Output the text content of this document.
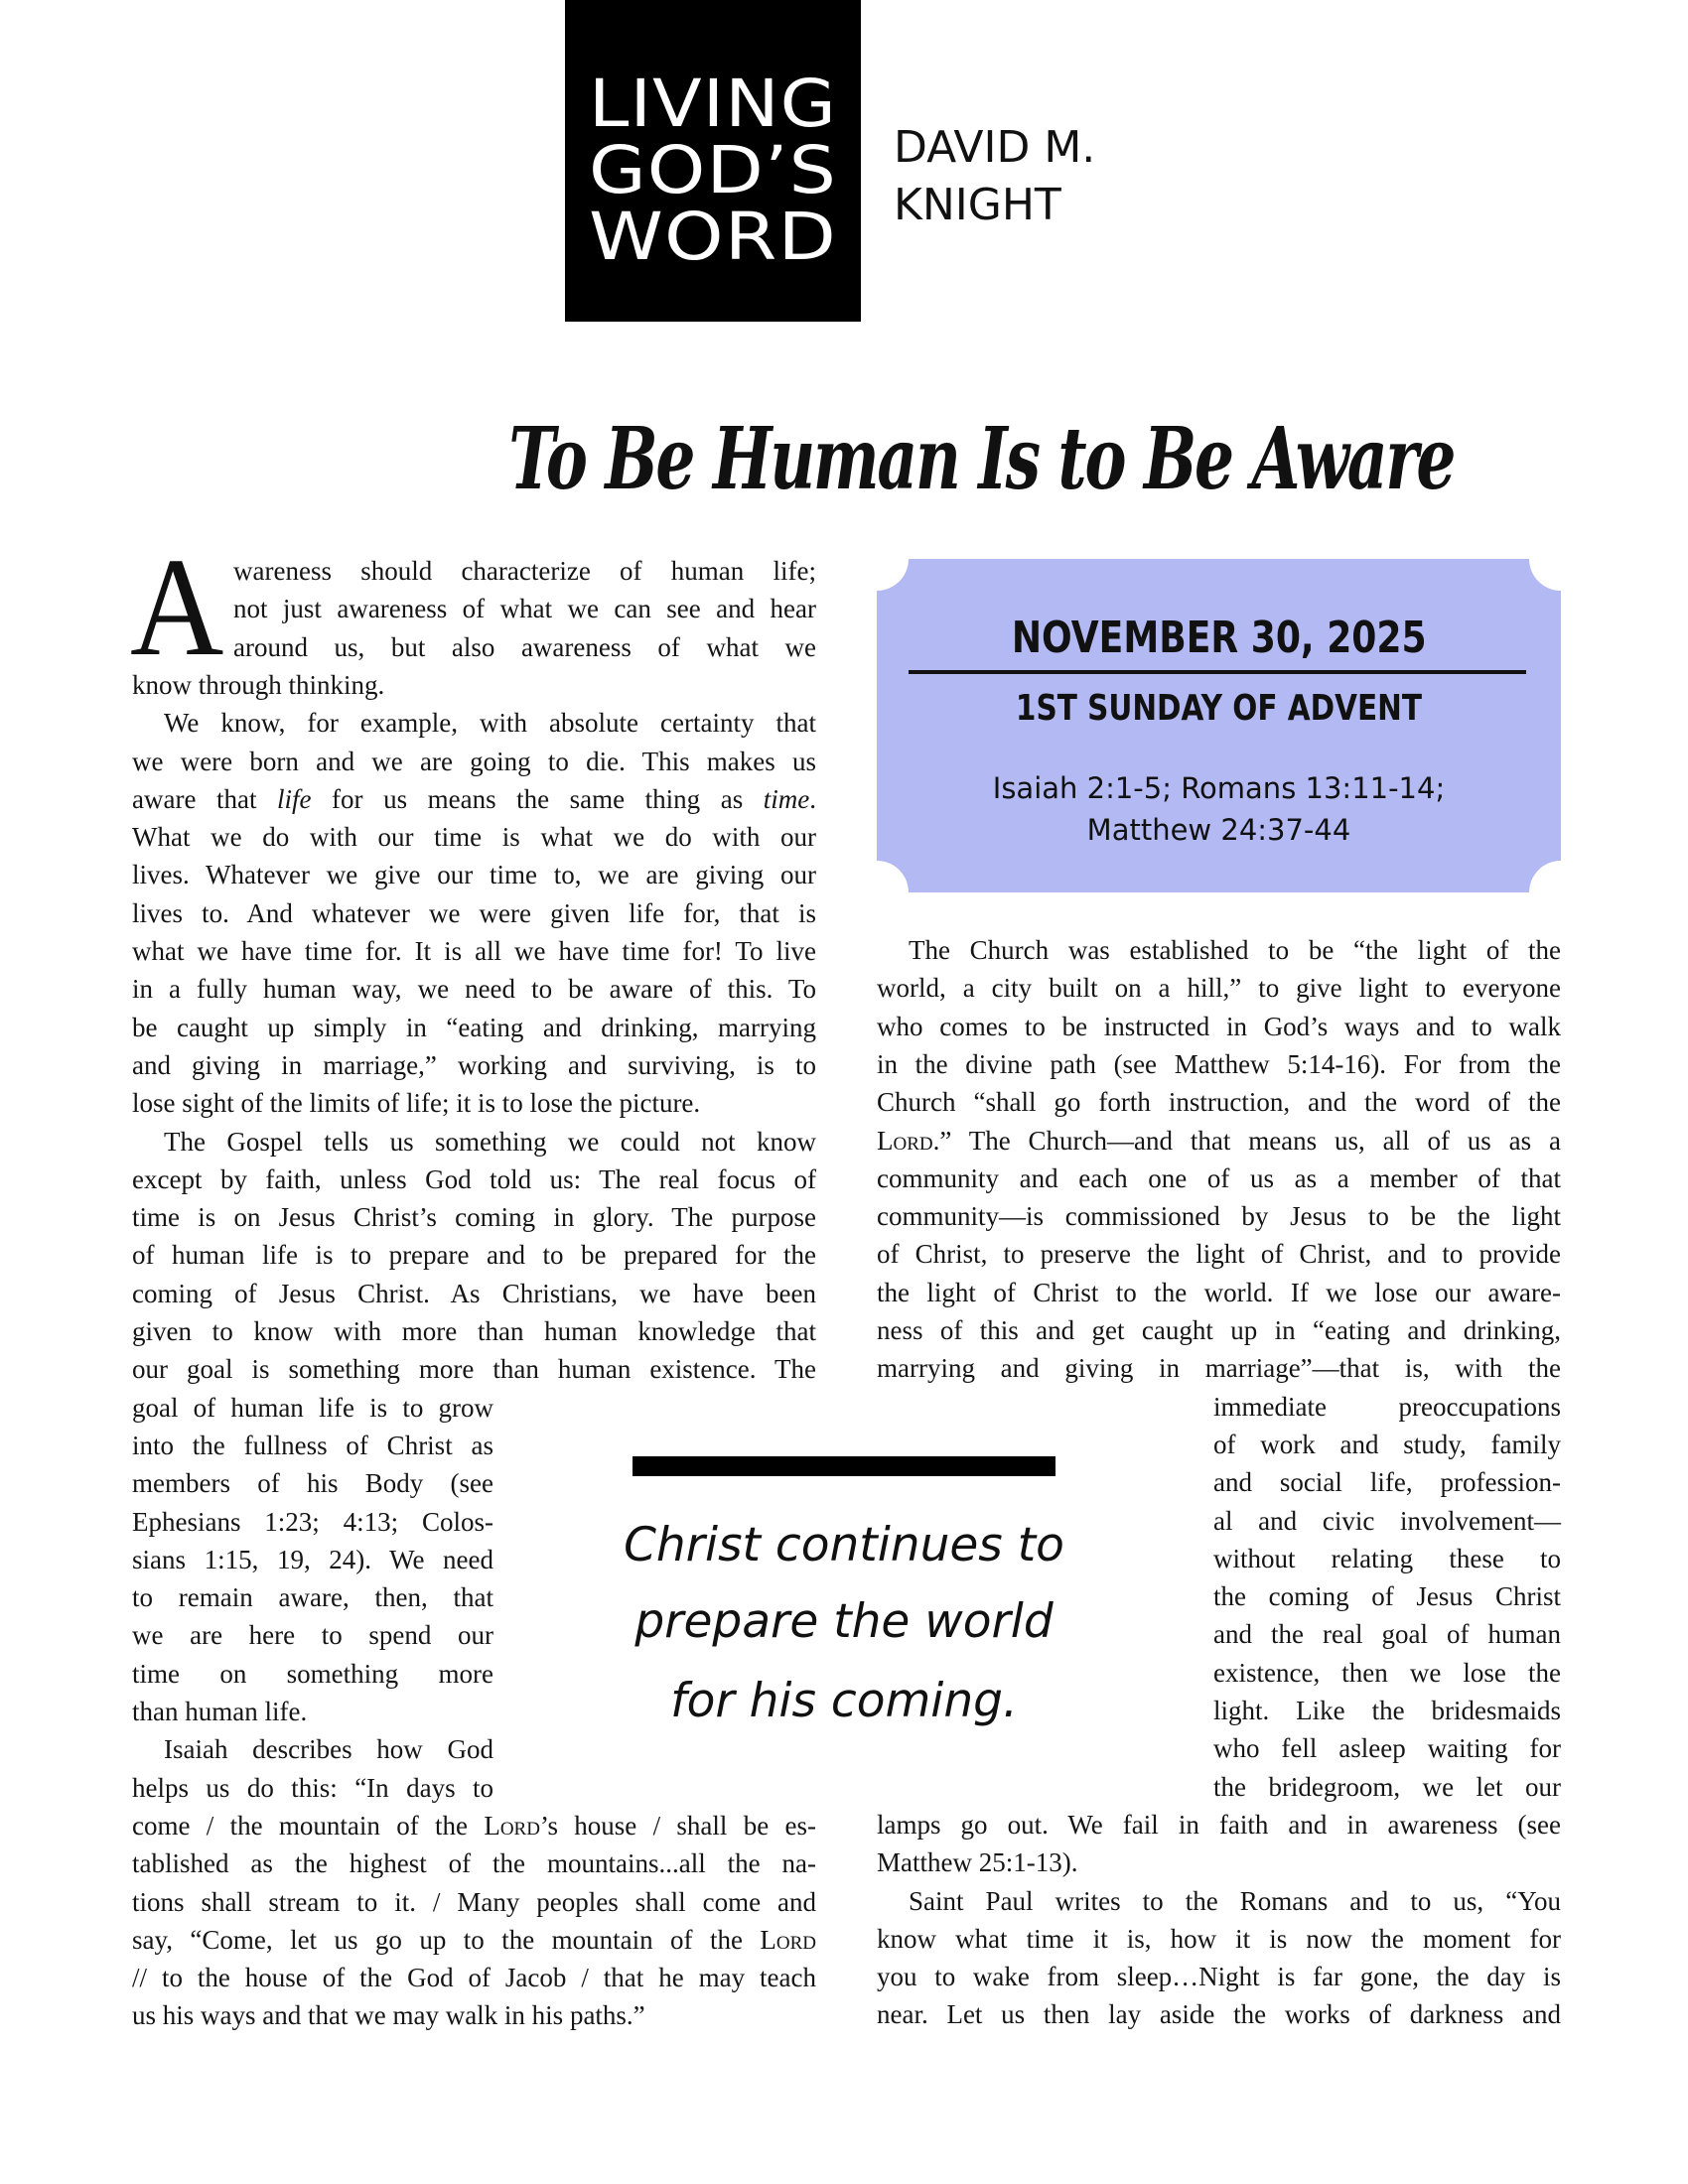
LIVING
GOD’S
WORD
DAVID M.
KNIGHT
To Be Human Is to Be Aware
A wareness should characterize of human life;
not just awareness of what we can see and hear
around us, but also awareness of what we
know through thinking.
We know, for example, with absolute certainty that
we were born and we are going to die. This makes us
aware that life for us means the same thing as time.
What we do with our time is what we do with our
lives. Whatever we give our time to, we are giving our
lives to. And whatever we were given life for, that is
what we have time for. It is all we have time for! To live
in a fully human way, we need to be aware of this. To
be caught up simply in “eating and drinking, marrying
and giving in marriage,” working and surviving, is to
lose sight of the limits of life; it is to lose the picture.
The Gospel tells us something we could not know
except by faith, unless God told us: The real focus of
time is on Jesus Christ’s coming in glory. The purpose
of human life is to prepare and to be prepared for the
coming of Jesus Christ. As Christians, we have been
given to know with more than human knowledge that
our goal is something more than human existence. The
goal of human life is to grow
into the fullness of Christ as
members of his Body (see
Ephesians 1:23; 4:13; Colos-
sians 1:15, 19, 24). We need
to remain aware, then, that
we are here to spend our
time on something more
than human life.
Isaiah describes how God
helps us do this: “In days to
come / the mountain of the Lord’s house / shall be es-
tablished as the highest of the mountains...all the na-
tions shall stream to it. / Many peoples shall come and
say, “Come, let us go up to the mountain of the Lord
// to the house of the God of Jacob / that he may teach
us his ways and that we may walk in his paths.”
The Church was established to be “the light of the
world, a city built on a hill,” to give light to everyone
who comes to be instructed in God’s ways and to walk
in the divine path (see Matthew 5:14-16). For from the
Church “shall go forth instruction, and the word of the
Lord.” The Church—and that means us, all of us as a
community and each one of us as a member of that
community—is commissioned by Jesus to be the light
of Christ, to preserve the light of Christ, and to provide
the light of Christ to the world. If we lose our aware-
ness of this and get caught up in “eating and drinking,
marrying and giving in marriage”—that is, with the
immediate preoccupations
of work and study, family
and social life, profession-
al and civic involvement—
without relating these to
the coming of Jesus Christ
and the real goal of human
existence, then we lose the
light. Like the bridesmaids
who fell asleep waiting for
the bridegroom, we let our
lamps go out. We fail in faith and in awareness (see
Matthew 25:1-13).
Saint Paul writes to the Romans and to us, “You
know what time it is, how it is now the moment for
you to wake from sleep…Night is far gone, the day is
near. Let us then lay aside the works of darkness and
NOVEMBER 30, 2025
1ST SUNDAY OF ADVENT
Isaiah 2:1-5; Romans 13:11-14;
Matthew 24:37-44
Christ continues to
prepare the world
for his coming.
